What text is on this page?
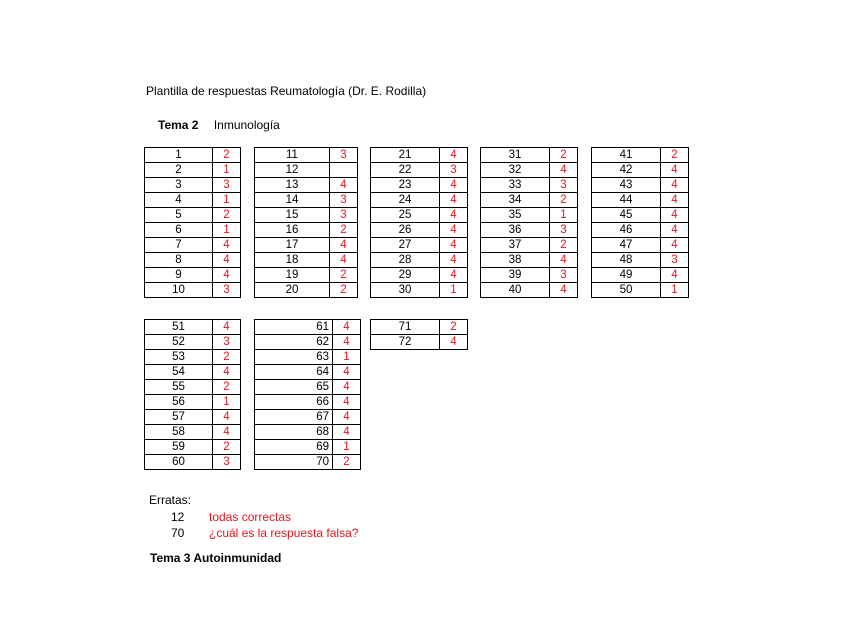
Plantilla de respuestas Reumatología (Dr. E. Rodilla)
Tema 2 Inmunología
1	2
2	1
3	3
4	1
5	2
6	1
7	4
8	4
9	4
10	3
11	3
12	
13	4
14	3
15	3
16	2
17	4
18	4
19	2
20	2
21	4
22	3
23	4
24	4
25	4
26	4
27	4
28	4
29	4
30	1
31	2
32	4
33	3
34	2
35	1
36	3
37	2
38	4
39	3
40	4
41	2
42	4
43	4
44	4
45	4
46	4
47	4
48	3
49	4
50	1
51	4
52	3
53	2
54	4
55	2
56	1
57	4
58	4
59	2
60	3
61	4
62	4
63	1
64	4
65	4
66	4
67	4
68	4
69	1
70	2
71	2
72	4
Erratas:
12	todas correctas
70	¿cuál es la respuesta falsa?
Tema 3 Autoinmunidad
